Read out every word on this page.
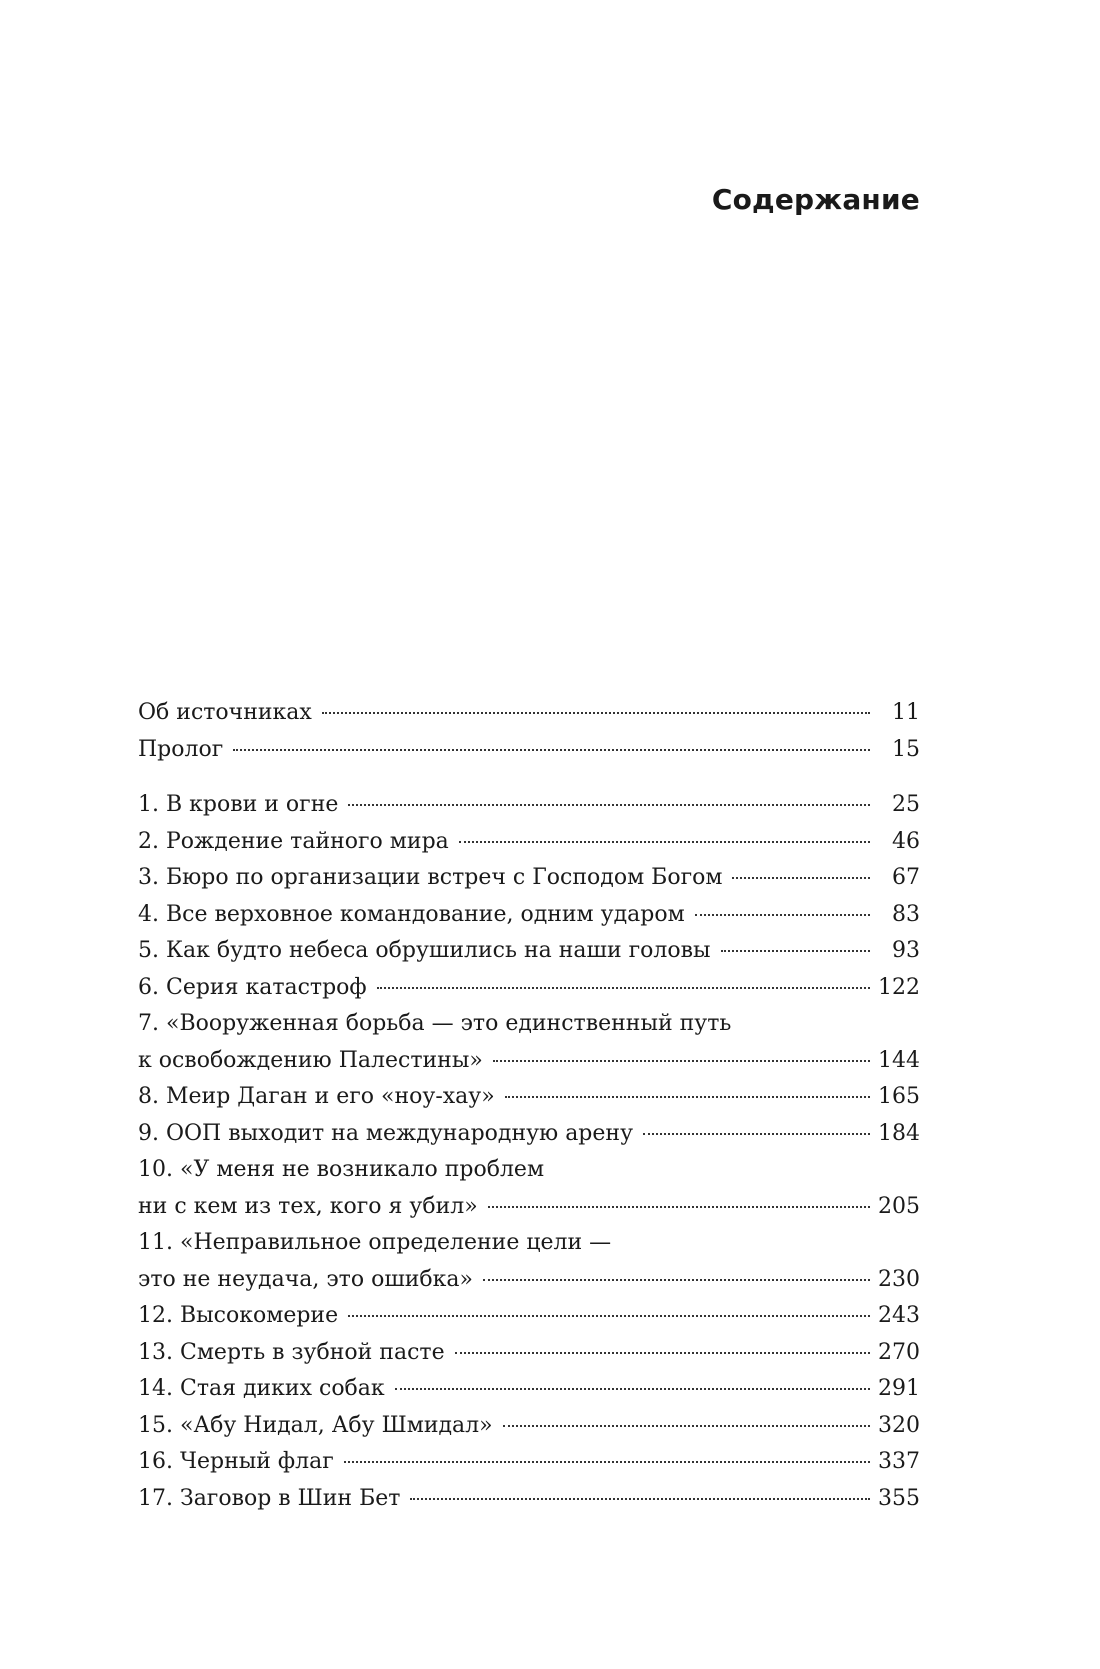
Содержание
Об источниках	11
Пролог	15
1. В крови и огне	25
2. Рождение тайного мира	46
3. Бюро по организации встреч с Господом Богом	67
4. Все верховное командование, одним ударом	83
5. Как будто небеса обрушились на наши головы	93
6. Серия катастроф	122
7. «Вооруженная борьба — это единственный путь
к освобождению Палестины»	144
8. Меир Даган и его «ноу-хау»	165
9. ООП выходит на международную арену	184
10. «У меня не возникало проблем
ни с кем из тех, кого я убил»	205
11. «Неправильное определение цели —
это не неудача, это ошибка»	230
12. Высокомерие	243
13. Смерть в зубной пасте	270
14. Стая диких собак	291
15. «Абу Нидал, Абу Шмидал»	320
16. Черный флаг	337
17. Заговор в Шин Бет	355
